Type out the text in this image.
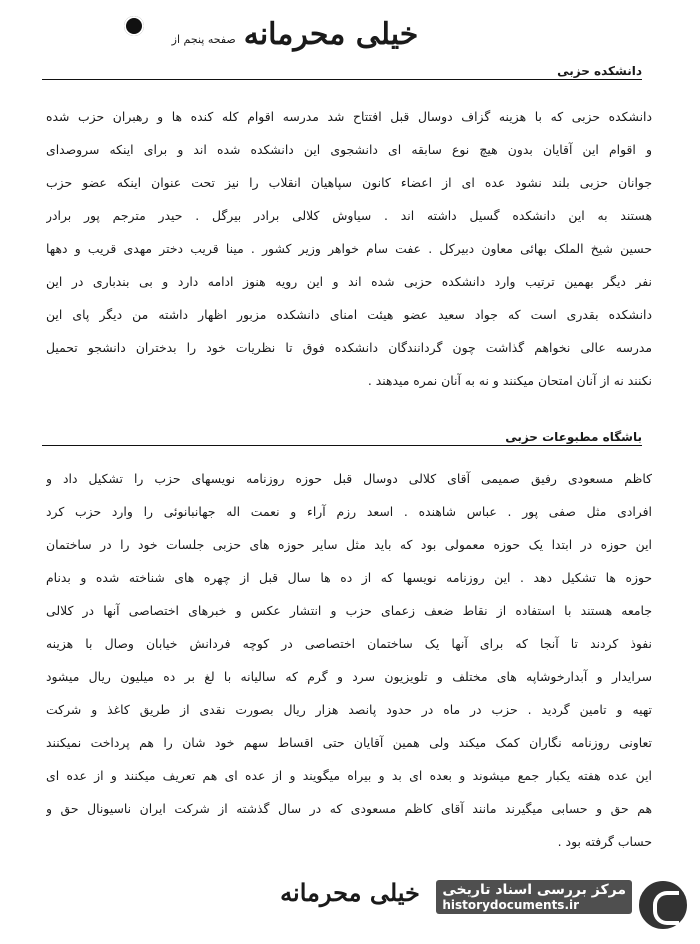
خیلی محرمانه
صفحه پنجم از
دانشکده حزبی
دانشکده حزبی که با هزینه گزاف دوسال قبل افتتاح شد مدرسه اقوام کله کنده ها و رهبران حزب شده
و اقوام این آقایان بدون هیچ نوع سابقه ای دانشجوی این دانشکده شده اند و برای اینکه سروصدای
جوانان حزبی بلند نشود عده ای از اعضاء کانون سپاهیان انقلاب را نیز تحت عنوان اینکه عضو حزب
هستند به این دانشکده گسیل داشته اند . سیاوش کلالی برادر بیرگل . حیدر مترجم پور برادر
حسین شیخ الملک بهائی معاون دبیرکل . عفت سام خواهر وزیر کشور . مینا قریب دختر مهدی قریب و دهها
نفر دیگر بهمین ترتیب وارد دانشکده حزبی شده اند و این رویه هنوز ادامه دارد و بی بندباری در این
دانشکده بقدری است که جواد سعید عضو هیئت امنای دانشکده مزبور اظهار داشته من دیگر پای این
مدرسه عالی نخواهم گذاشت چون گردانندگان دانشکده فوق تا نظریات خود را بدختران دانشجو تحمیل
نکنند نه از آنان امتحان میکنند و نه به آنان نمره میدهند .
باشگاه مطبوعات حزبی
کاظم مسعودی رفیق صمیمی آقای کلالی دوسال قبل حوزه روزنامه نویسهای حزب را تشکیل داد و
افرادی مثل صفی پور . عباس شاهنده . اسعد رزم آراء و نعمت اله جهانبانوئی را وارد حزب کرد
این حوزه در ابتدا یک حوزه معمولی بود که باید مثل سایر حوزه های حزبی جلسات خود را در ساختمان
حوزه ها تشکیل دهد . این روزنامه نویسها که از ده ها سال قبل از چهره های شناخته شده و بدنام
جامعه هستند با استفاده از نقاط ضعف زعمای حزب و انتشار عکس و خبرهای اختصاصی آنها در کلالی
نفوذ کردند تا آنجا که برای آنها یک ساختمان اختصاصی در کوچه فردانش خیابان وصال با هزینه
سرایدار و آبدارخوشاپه های مختلف و تلویزیون سرد و گرم که سالیانه با لغ بر ده میلیون ریال میشود
تهیه و تامین گردید . حزب در ماه در حدود پانصد هزار ریال بصورت نقدی از طریق کاغذ و شرکت
تعاونی روزنامه نگاران کمک میکند ولی همین آقایان حتی اقساط سهم خود شان را هم پرداخت نمیکنند
این عده هفته یکبار جمع میشوند و بعده ای بد و بیراه میگویند و از عده ای هم تعریف میکنند و از عده ای
هم حق و حسابی میگیرند مانند آقای کاظم مسعودی که در سال گذشته از شرکت ایران ناسیونال حق و
حساب گرفته بود .
خیلی محرمانه	مرکز بررسی اسناد تاریخی
historydocuments.ir
